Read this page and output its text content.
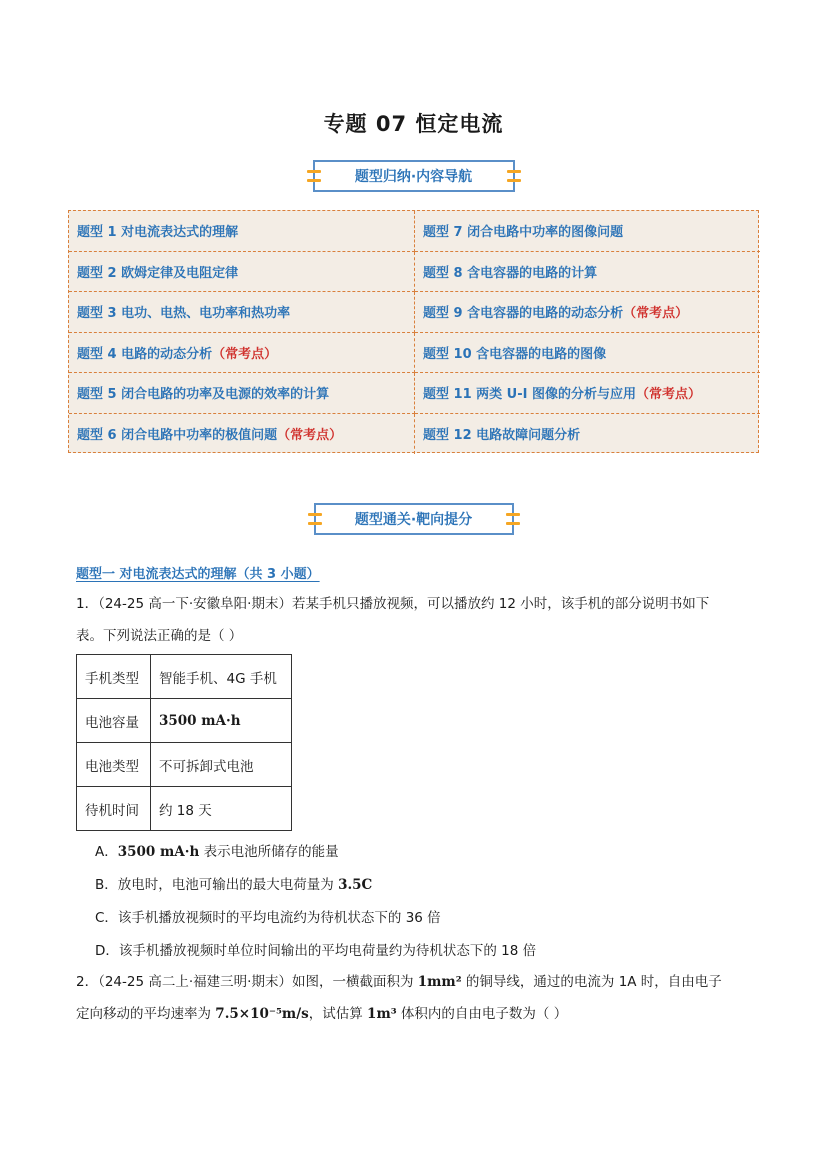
专题 07 恒定电流
题型归纳·内容导航
题型 1 对电流表达式的理解	题型 7 闭合电路中功率的图像问题
题型 2 欧姆定律及电阻定律	题型 8 含电容器的电路的计算
题型 3 电功、电热、电功率和热功率	题型 9 含电容器的电路的动态分析 （常考点）
题型 4 电路的动态分析 （常考点）	题型 10 含电容器的电路的图像
题型 5 闭合电路的功率及电源的效率的计算	题型 11 两类 U-I 图像的分析与应用 （常考点）
题型 6 闭合电路中功率的极值问题 （常考点）	题型 12 电路故障问题分析
题型通关·靶向提分
题型一 对电流表达式的理解（共 3 小题）
1．（24-25 高一下·安徽阜阳·期末）若某手机只播放视频，可以播放约 12 小时，该手机的部分说明书如下
表。下列说法正确的是（ ）
手机类型	智能手机、4G 手机
电池容量	3500 mA·h
电池类型	不可拆卸式电池
待机时间	约 18 天
A．3500 mA·h 表示电池所储存的能量
B．放电时，电池可输出的最大电荷量为 3.5C
C．该手机播放视频时的平均电流约为待机状态下的 36 倍
D．该手机播放视频时单位时间输出的平均电荷量约为待机状态下的 18 倍
2．（24-25 高二上·福建三明·期末）如图，一横截面积为 1mm² 的铜导线，通过的电流为 1A 时，自由电子
定向移动的平均速率为 7.5×10⁻⁵m/s，试估算 1m³ 体积内的自由电子数为（ ）
